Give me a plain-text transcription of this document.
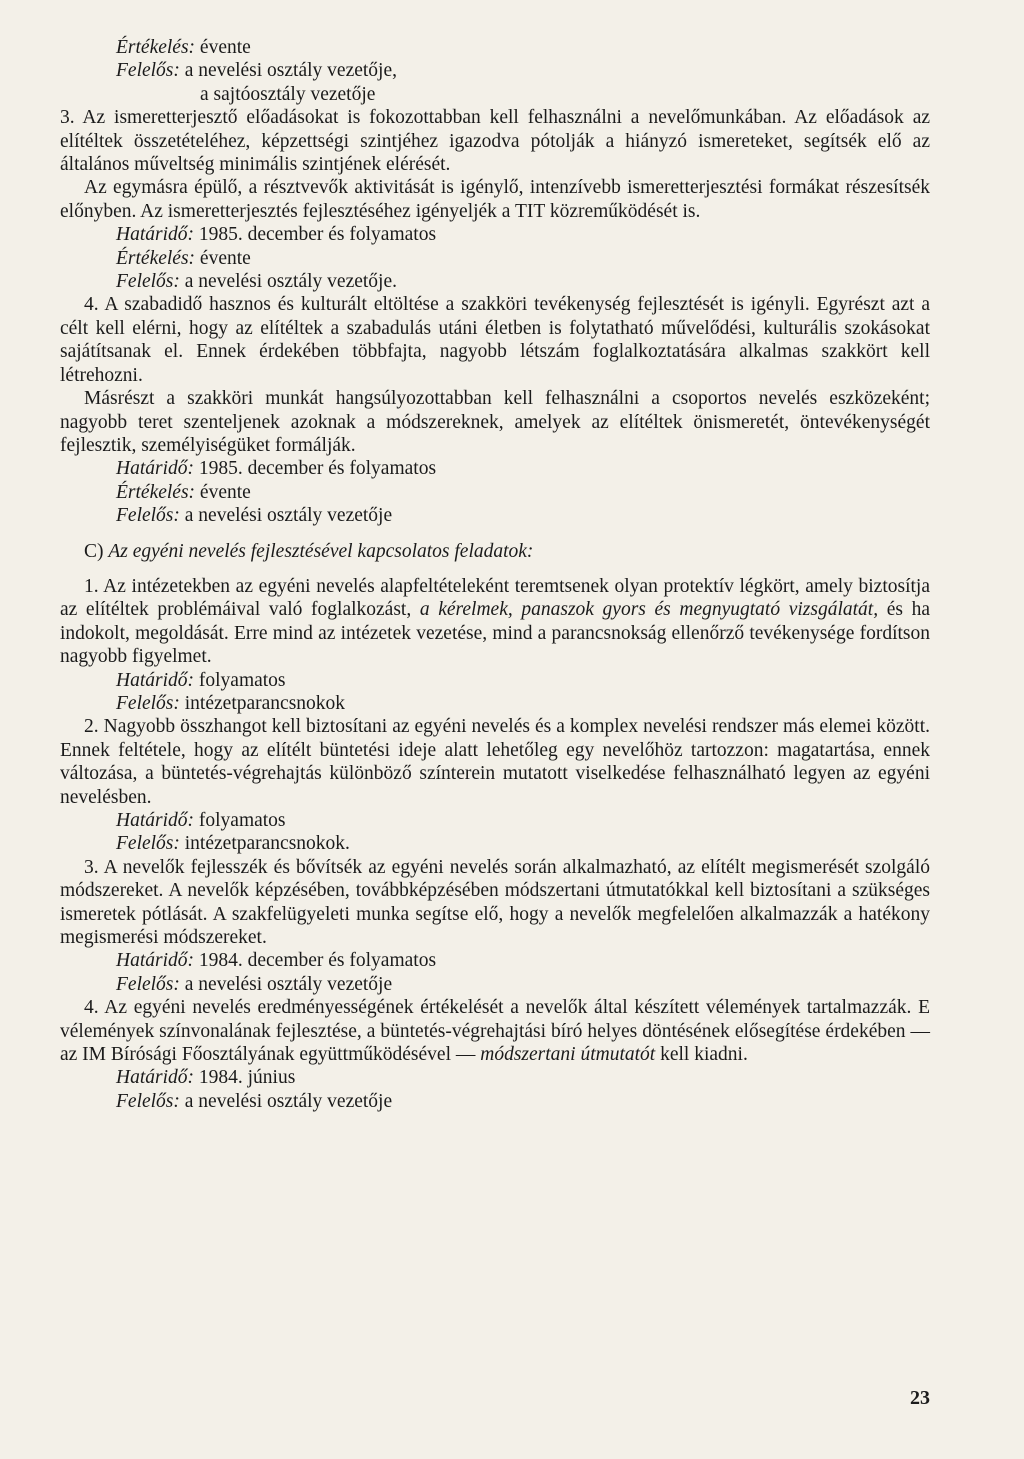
Értékelés: évente

Felelős: a nevelési osztály vezetője,

a sajtóosztály vezetője

3. Az ismeretterjesztő előadásokat is fokozottabban kell felhasználni a nevelőmunkában. Az előadások az elítéltek összetételéhez, képzettségi szintjéhez igazodva pótolják a hiányzó ismereteket, segítsék elő az általános műveltség minimális szintjének elérését.

Az egymásra épülő, a résztvevők aktivitását is igénylő, intenzívebb ismeretterjesztési formákat részesítsék előnyben. Az ismeretterjesztés fejlesztéséhez igényeljék a TIT közreműködését is.

Határidő: 1985. december és folyamatos

Értékelés: évente

Felelős: a nevelési osztály vezetője.

4. A szabadidő hasznos és kulturált eltöltése a szakköri tevékenység fejlesztését is igényli. Egyrészt azt a célt kell elérni, hogy az elítéltek a szabadulás utáni életben is folytatható művelődési, kulturális szokásokat sajátítsanak el. Ennek érdekében többfajta, nagyobb létszám foglalkoztatására alkalmas szakkört kell létrehozni.

Másrészt a szakköri munkát hangsúlyozottabban kell felhasználni a csoportos nevelés eszközeként; nagyobb teret szenteljenek azoknak a módszereknek, amelyek az elítéltek önismeretét, öntevékenységét fejlesztik, személyiségüket formálják.

Határidő: 1985. december és folyamatos

Értékelés: évente

Felelős: a nevelési osztály vezetője

C) Az egyéni nevelés fejlesztésével kapcsolatos feladatok:

1. Az intézetekben az egyéni nevelés alapfeltételeként teremtsenek olyan protektív légkört, amely biztosítja az elítéltek problémáival való foglalkozást, a kérelmek, panaszok gyors és megnyugtató vizsgálatát, és ha indokolt, megoldását. Erre mind az intézetek vezetése, mind a parancsnokság ellenőrző tevékenysége fordítson nagyobb figyelmet.

Határidő: folyamatos

Felelős: intézetparancsnokok

2. Nagyobb összhangot kell biztosítani az egyéni nevelés és a komplex nevelési rendszer más elemei között. Ennek feltétele, hogy az elítélt büntetési ideje alatt lehetőleg egy nevelőhöz tartozzon: magatartása, ennek változása, a büntetés-végrehajtás különböző színterein mutatott viselkedése felhasználható legyen az egyéni nevelésben.

Határidő: folyamatos

Felelős: intézetparancsnokok.

3. A nevelők fejlesszék és bővítsék az egyéni nevelés során alkalmazható, az elítélt megismerését szolgáló módszereket. A nevelők képzésében, továbbképzésében módszertani útmutatókkal kell biztosítani a szükséges ismeretek pótlását. A szakfelügyeleti munka segítse elő, hogy a nevelők megfelelően alkalmazzák a hatékony megismerési módszereket.

Határidő: 1984. december és folyamatos

Felelős: a nevelési osztály vezetője

4. Az egyéni nevelés eredményességének értékelését a nevelők által készített vélemények tartalmazzák. E vélemények színvonalának fejlesztése, a büntetés-végrehajtási bíró helyes döntésének elősegítése érdekében — az IM Bírósági Főosztályának együttműködésével — módszertani útmutatót kell kiadni.

Határidő: 1984. június

Felelős: a nevelési osztály vezetője

23
